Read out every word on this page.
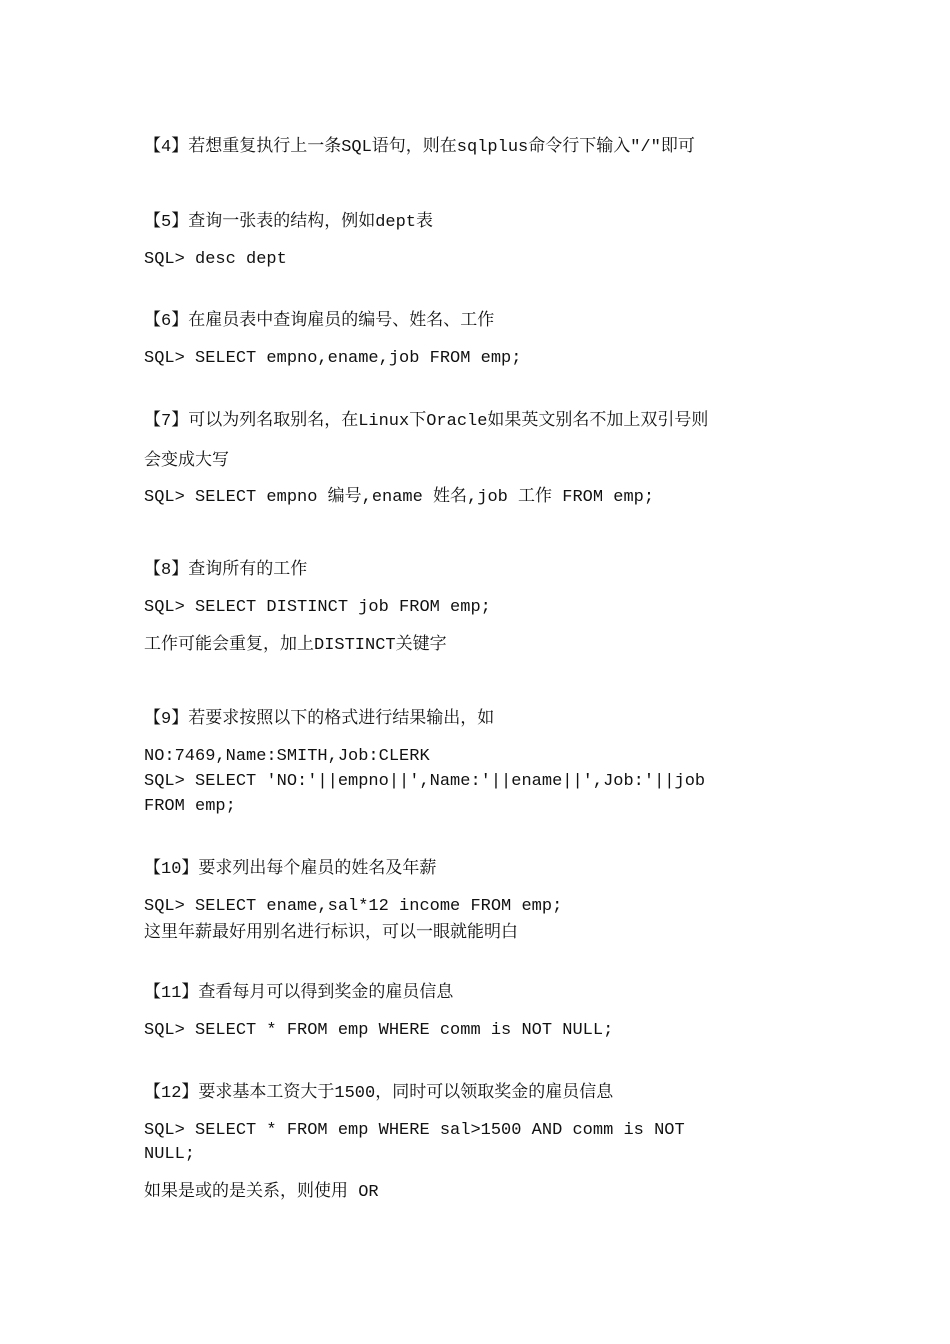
【4】若想重复执行上一条SQL语句，则在sqlplus命令行下输入"/"即可
【5】查询一张表的结构，例如dept表
SQL> desc dept
【6】在雇员表中查询雇员的编号、姓名、工作
SQL> SELECT empno,ename,job FROM emp;
【7】可以为列名取别名，在Linux下Oracle如果英文别名不加上双引号则
会变成大写
SQL> SELECT empno 编号,ename 姓名,job 工作 FROM emp;
【8】查询所有的工作
SQL> SELECT DISTINCT job FROM emp;
工作可能会重复，加上DISTINCT关键字
【9】若要求按照以下的格式进行结果输出，如
NO:7469,Name:SMITH,Job:CLERK
SQL> SELECT 'NO:'||empno||',Name:'||ename||',Job:'||job
FROM emp;
【10】要求列出每个雇员的姓名及年薪
SQL> SELECT ename,sal*12 income FROM emp;
这里年薪最好用别名进行标识，可以一眼就能明白
【11】查看每月可以得到奖金的雇员信息
SQL> SELECT * FROM emp WHERE comm is NOT NULL;
【12】要求基本工资大于1500，同时可以领取奖金的雇员信息
SQL> SELECT * FROM emp WHERE sal>1500 AND comm is NOT
NULL;
如果是或的是关系，则使用 OR
